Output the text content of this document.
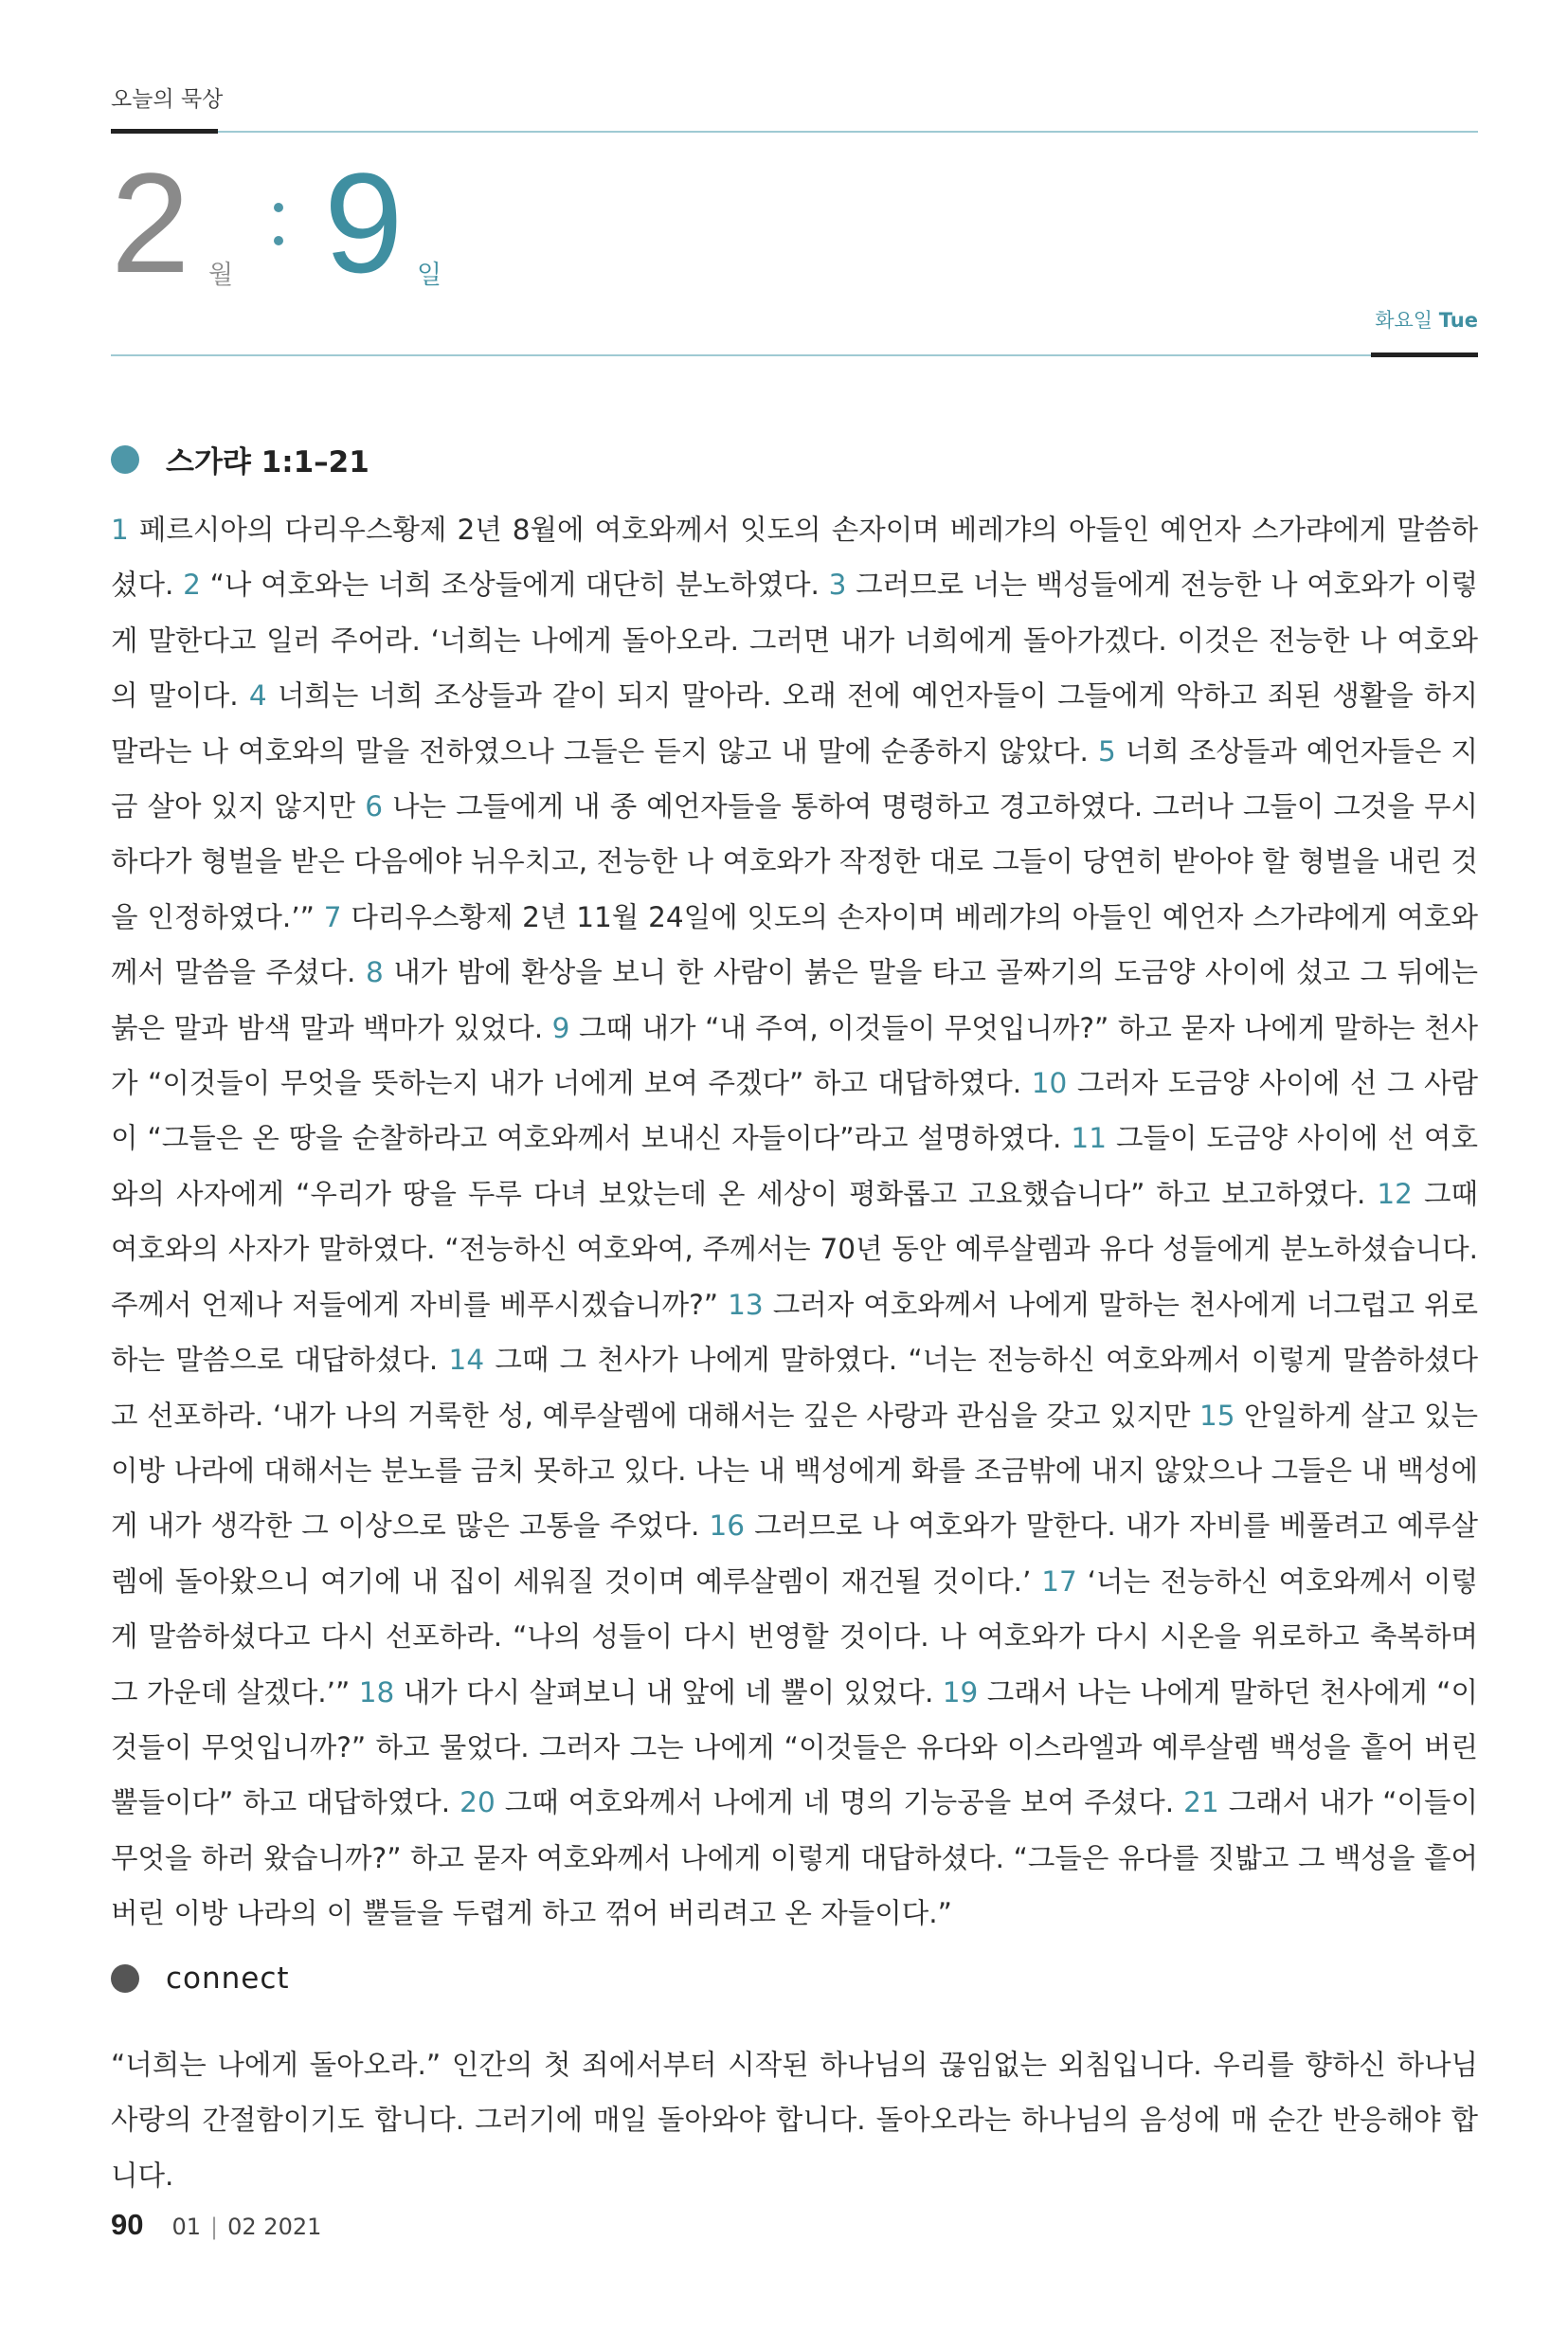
오늘의 묵상
2 월 9 일
화요일 Tue
스가랴 1:1–21
1 페르시아의 다리우스황제 2년 8월에 여호와께서 잇도의 손자이며 베레갸의 아들인 예언자 스가랴에게 말씀하셨다. 2 “나 여호와는 너희 조상들에게 대단히 분노하였다. 3 그러므로 너는 백성들에게 전능한 나 여호와가 이렇게 말한다고 일러 주어라. ‘너희는 나에게 돌아오라. 그러면 내가 너희에게 돌아가겠다. 이것은 전능한 나 여호와의 말이다. 4 너희는 너희 조상들과 같이 되지 말아라. 오래 전에 예언자들이 그들에게 악하고 죄된 생활을 하지 말라는 나 여호와의 말을 전하였으나 그들은 듣지 않고 내 말에 순종하지 않았다. 5 너희 조상들과 예언자들은 지금 살아 있지 않지만 6 나는 그들에게 내 종 예언자들을 통하여 명령하고 경고하였다. 그러나 그들이 그것을 무시하다가 형벌을 받은 다음에야 뉘우치고, 전능한 나 여호와가 작정한 대로 그들이 당연히 받아야 할 형벌을 내린 것을 인정하였다.’” 7 다리우스황제 2년 11월 24일에 잇도의 손자이며 베레갸의 아들인 예언자 스가랴에게 여호와께서 말씀을 주셨다. 8 내가 밤에 환상을 보니 한 사람이 붉은 말을 타고 골짜기의 도금양 사이에 섰고 그 뒤에는 붉은 말과 밤색 말과 백마가 있었다. 9 그때 내가 “내 주여, 이것들이 무엇입니까?” 하고 묻자 나에게 말하는 천사가 “이것들이 무엇을 뜻하는지 내가 너에게 보여 주겠다” 하고 대답하였다. 10 그러자 도금양 사이에 선 그 사람이 “그들은 온 땅을 순찰하라고 여호와께서 보내신 자들이다”라고 설명하였다. 11 그들이 도금양 사이에 선 여호와의 사자에게 “우리가 땅을 두루 다녀 보았는데 온 세상이 평화롭고 고요했습니다” 하고 보고하였다. 12 그때 여호와의 사자가 말하였다. “전능하신 여호와여, 주께서는 70년 동안 예루살렘과 유다 성들에게 분노하셨습니다. 주께서 언제나 저들에게 자비를 베푸시겠습니까?” 13 그러자 여호와께서 나에게 말하는 천사에게 너그럽고 위로하는 말씀으로 대답하셨다. 14 그때 그 천사가 나에게 말하였다. “너는 전능하신 여호와께서 이렇게 말씀하셨다고 선포하라. ‘내가 나의 거룩한 성, 예루살렘에 대해서는 깊은 사랑과 관심을 갖고 있지만 15 안일하게 살고 있는 이방 나라에 대해서는 분노를 금치 못하고 있다. 나는 내 백성에게 화를 조금밖에 내지 않았으나 그들은 내 백성에게 내가 생각한 그 이상으로 많은 고통을 주었다. 16 그러므로 나 여호와가 말한다. 내가 자비를 베풀려고 예루살렘에 돌아왔으니 여기에 내 집이 세워질 것이며 예루살렘이 재건될 것이다.’ 17 ‘너는 전능하신 여호와께서 이렇게 말씀하셨다고 다시 선포하라. “나의 성들이 다시 번영할 것이다. 나 여호와가 다시 시온을 위로하고 축복하며 그 가운데 살겠다.’” 18 내가 다시 살펴보니 내 앞에 네 뿔이 있었다. 19 그래서 나는 나에게 말하던 천사에게 “이것들이 무엇입니까?” 하고 물었다. 그러자 그는 나에게 “이것들은 유다와 이스라엘과 예루살렘 백성을 흩어 버린 뿔들이다” 하고 대답하였다. 20 그때 여호와께서 나에게 네 명의 기능공을 보여 주셨다. 21 그래서 내가 “이들이 무엇을 하러 왔습니까?” 하고 묻자 여호와께서 나에게 이렇게 대답하셨다. “그들은 유다를 짓밟고 그 백성을 흩어 버린 이방 나라의 이 뿔들을 두렵게 하고 꺾어 버리려고 온 자들이다.”
connect
“너희는 나에게 돌아오라.” 인간의 첫 죄에서부터 시작된 하나님의 끊임없는 외침입니다. 우리를 향하신 하나님 사랑의 간절함이기도 합니다. 그러기에 매일 돌아와야 합니다. 돌아오라는 하나님의 음성에 매 순간 반응해야 합니다.
90 01 | 02 2021
